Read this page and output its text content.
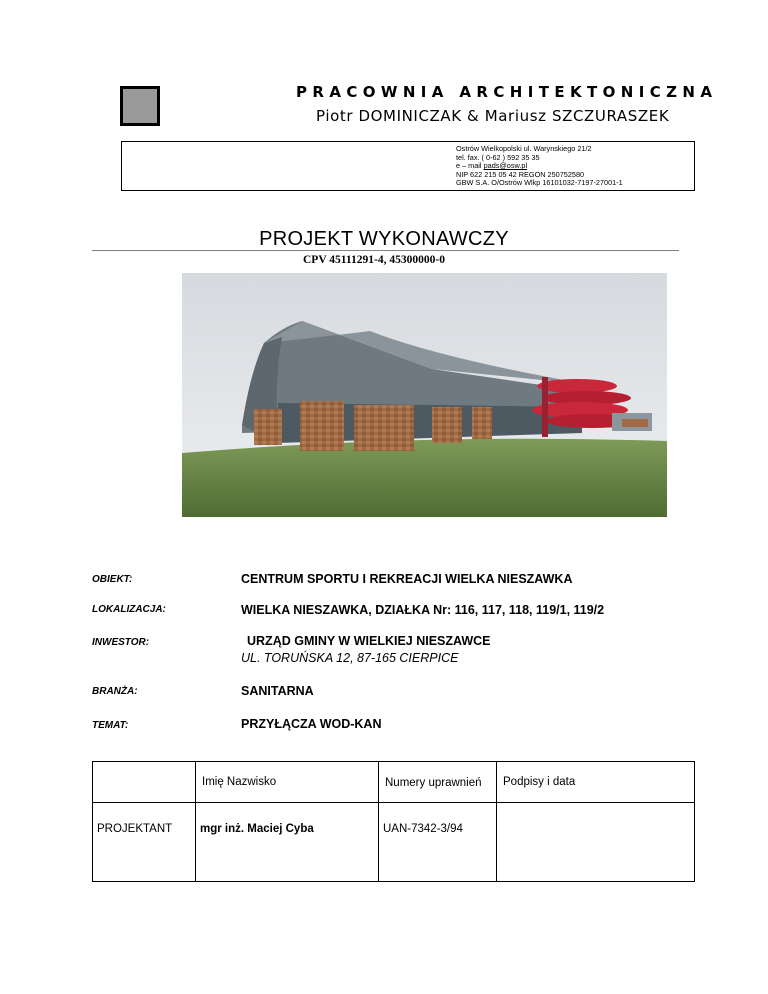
PRACOWNIA ARCHITEKTONICZNA
Piotr DOMINICZAK & Mariusz SZCZURASZEK
Ostrów Wielkopolski ul. Warynskiego 21/2
tel. fax. ( 0-62 ) 592 35 35
e – mail pads@osw.pl
NIP 622 215 05 42 REGON 250752580
GBW S.A. O/Ostrów Wlkp 16101032-7197-27001-1
PROJEKT WYKONAWCZY
CPV 45111291-4, 45300000-0
OBIEKT:	CENTRUM SPORTU I REKREACJI WIELKA NIESZAWKA
LOKALIZACJA:	WIELKA NIESZAWKA, DZIAŁKA Nr: 116, 117, 118, 119/1, 119/2
INWESTOR:	URZĄD GMINY W WIELKIEJ NIESZAWCE
UL. TORUŃSKA 12, 87-165 CIERPICE
BRANŻA:	SANITARNA
TEMAT:	PRZYŁĄCZA WOD-KAN

	Imię Nazwisko	Numery uprawnień	Podpisy i data

PROJEKTANT	mgr inż. Maciej Cyba	UAN-7342-3/94	
